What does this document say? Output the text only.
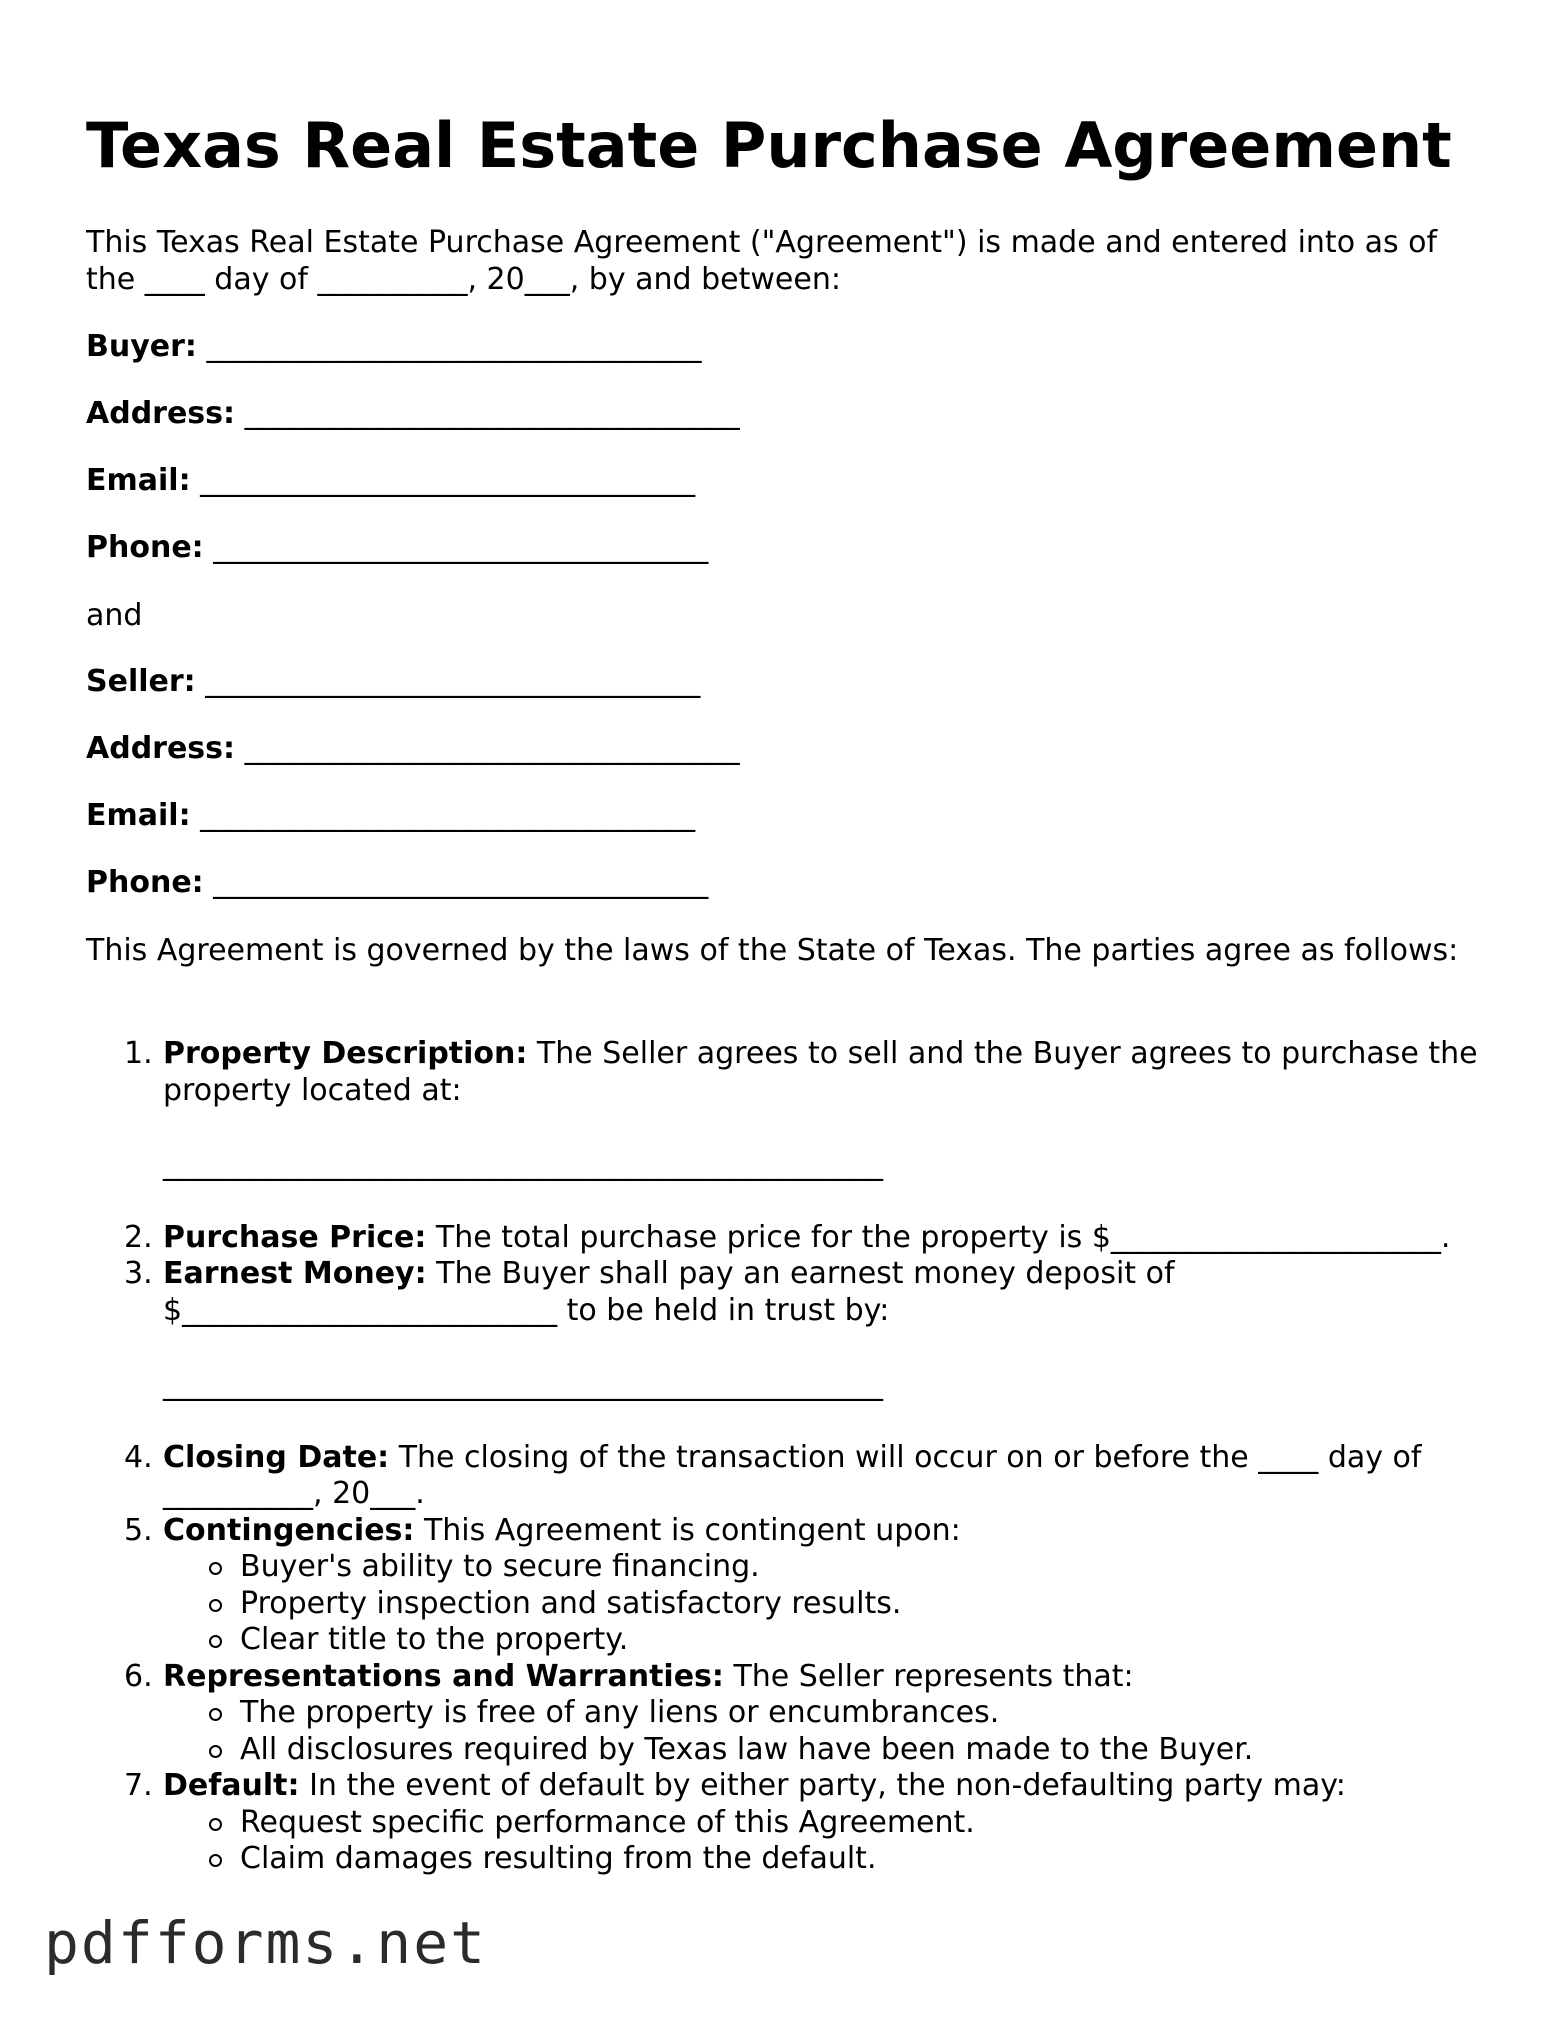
Texas Real Estate Purchase Agreement

This Texas Real Estate Purchase Agreement ("Agreement") is made and entered into as of the ____ day of __________, 20___, by and between:

Buyer: _________________________________
Address: _________________________________
Email: _________________________________
Phone: _________________________________
and
Seller: _________________________________
Address: _________________________________
Email: _________________________________
Phone: _________________________________

This Agreement is governed by the laws of the State of Texas. The parties agree as follows:

1. Property Description: The Seller agrees to sell and the Buyer agrees to purchase the property located at:
________________________________________________
2. Purchase Price: The total purchase price for the property is $______________________.
3. Earnest Money: The Buyer shall pay an earnest money deposit of $_________________________ to be held in trust by:
________________________________________________
4. Closing Date: The closing of the transaction will occur on or before the ____ day of __________, 20___.
5. Contingencies: This Agreement is contingent upon:
Buyer's ability to secure financing.
Property inspection and satisfactory results.
Clear title to the property.
6. Representations and Warranties: The Seller represents that:
The property is free of any liens or encumbrances.
All disclosures required by Texas law have been made to the Buyer.
7. Default: In the event of default by either party, the non-defaulting party may:
Request specific performance of this Agreement.
Claim damages resulting from the default.
pdfforms.net
